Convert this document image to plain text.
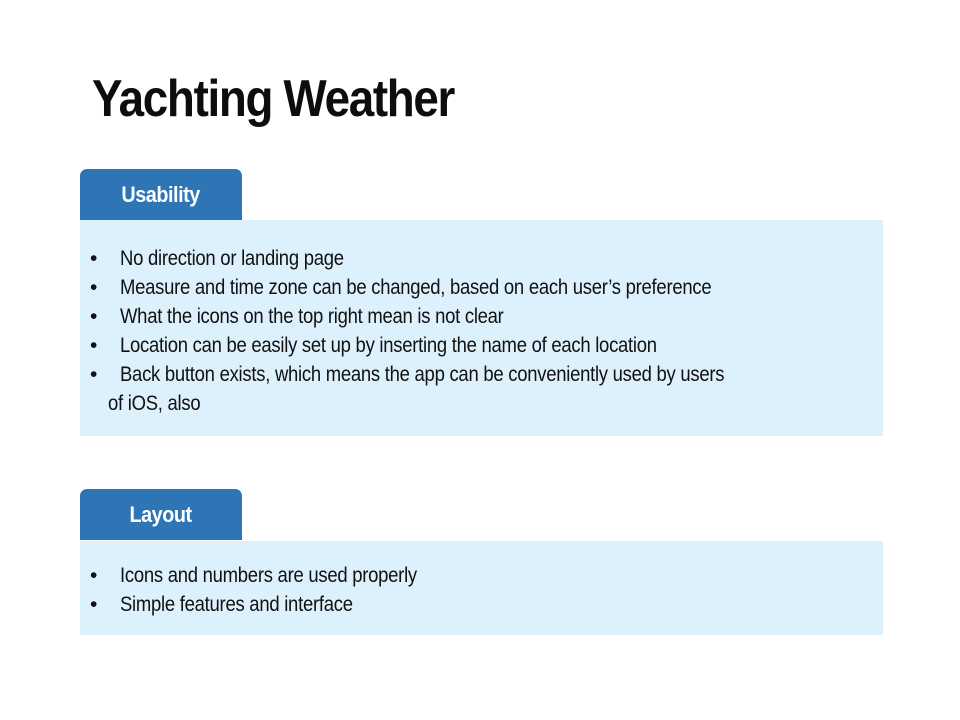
Yachting Weather
Usability
• No direction or landing page
• Measure and time zone can be changed, based on each user’s preference
• What the icons on the top right mean is not clear
• Location can be easily set up by inserting the name of each location
• Back button exists, which means the app can be conveniently used by users
of iOS, also
Layout
• Icons and numbers are used properly
• Simple features and interface
